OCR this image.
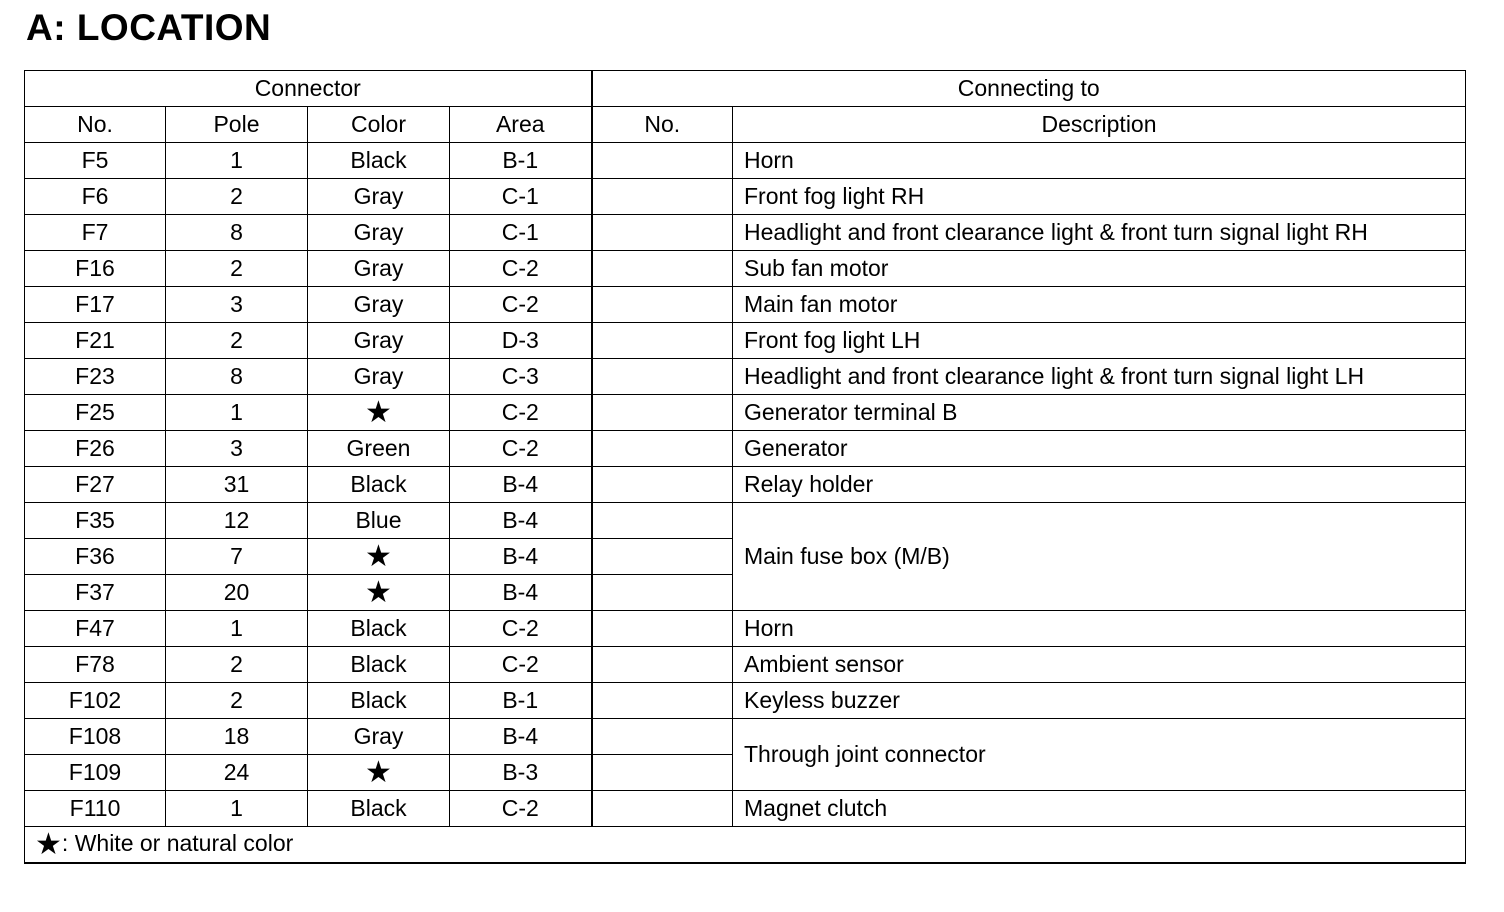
A: LOCATION
Connector				Connecting to	
No.	Pole	Color	Area	No.	Description
F5	1	Black	B-1		Horn
F6	2	Gray	C-1		Front fog light RH
F7	8	Gray	C-1		Headlight and front clearance light & front turn signal light RH
F16	2	Gray	C-2		Sub fan motor
F17	3	Gray	C-2		Main fan motor
F21	2	Gray	D-3		Front fog light LH
F23	8	Gray	C-3		Headlight and front clearance light & front turn signal light LH
F25	1	★	C-2		Generator terminal B
F26	3	Green	C-2		Generator
F27	31	Black	B-4		Relay holder
F35	12	Blue	B-4		Main fuse box (M/B)
F36	7	★	B-4		
F37	20	★	B-4		
F47	1	Black	C-2		Horn
F78	2	Black	C-2		Ambient sensor
F102	2	Black	B-1		Keyless buzzer
F108	18	Gray	B-4		Through joint connector
F109	24	★	B-3		
F110	1	Black	C-2		Magnet clutch
★: White or natural color					
